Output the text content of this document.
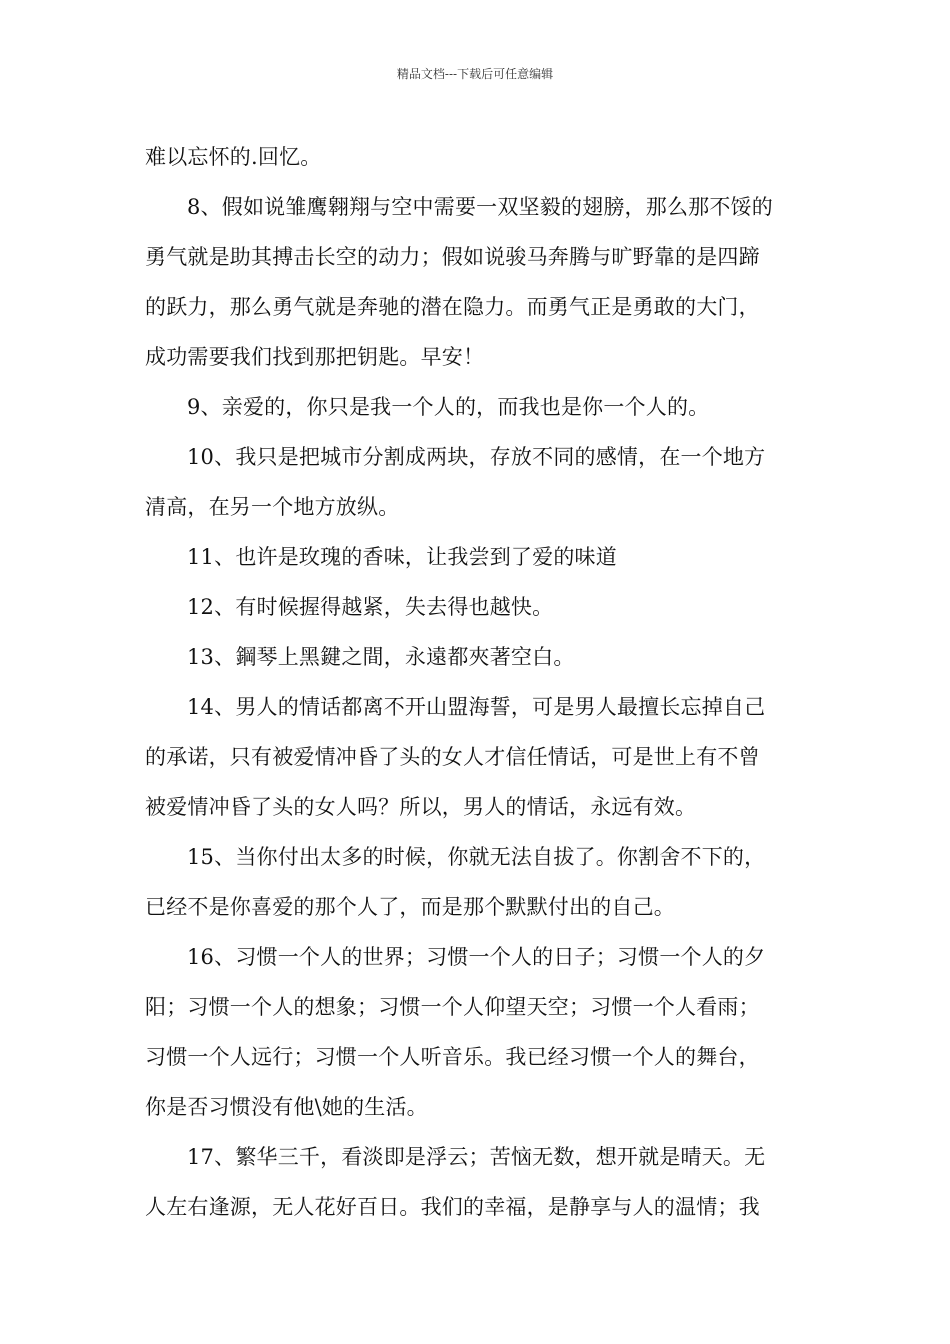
精品文档---下载后可任意编辑
难以忘怀的.回忆。
8、假如说雏鹰翱翔与空中需要一双坚毅的翅膀，那么那不馁的
勇气就是助其搏击长空的动力；假如说骏马奔腾与旷野靠的是四蹄
的跃力，那么勇气就是奔驰的潜在隐力。而勇气正是勇敢的大门，
成功需要我们找到那把钥匙。早安！
9、亲爱的，你只是我一个人的，而我也是你一个人的。
10、我只是把城市分割成两块，存放不同的感情，在一个地方
清高，在另一个地方放纵。
11、也许是玫瑰的香味，让我尝到了爱的味道
12、有时候握得越紧，失去得也越快。
13、鋼琴上黑鍵之間，永遠都夾著空白。
14、男人的情话都离不开山盟海誓，可是男人最擅长忘掉自己
的承诺，只有被爱情冲昏了头的女人才信任情话，可是世上有不曾
被爱情冲昏了头的女人吗？所以，男人的情话，永远有效。
15、当你付出太多的时候，你就无法自拔了。你割舍不下的，
已经不是你喜爱的那个人了，而是那个默默付出的自己。
16、习惯一个人的世界；习惯一个人的日子；习惯一个人的夕
阳；习惯一个人的想象；习惯一个人仰望天空；习惯一个人看雨；
习惯一个人远行；习惯一个人听音乐。我已经习惯一个人的舞台，
你是否习惯没有他\她的生活。
17、繁华三千，看淡即是浮云；苦恼无数，想开就是晴天。无
人左右逢源，无人花好百日。我们的幸福，是静享与人的温情；我
